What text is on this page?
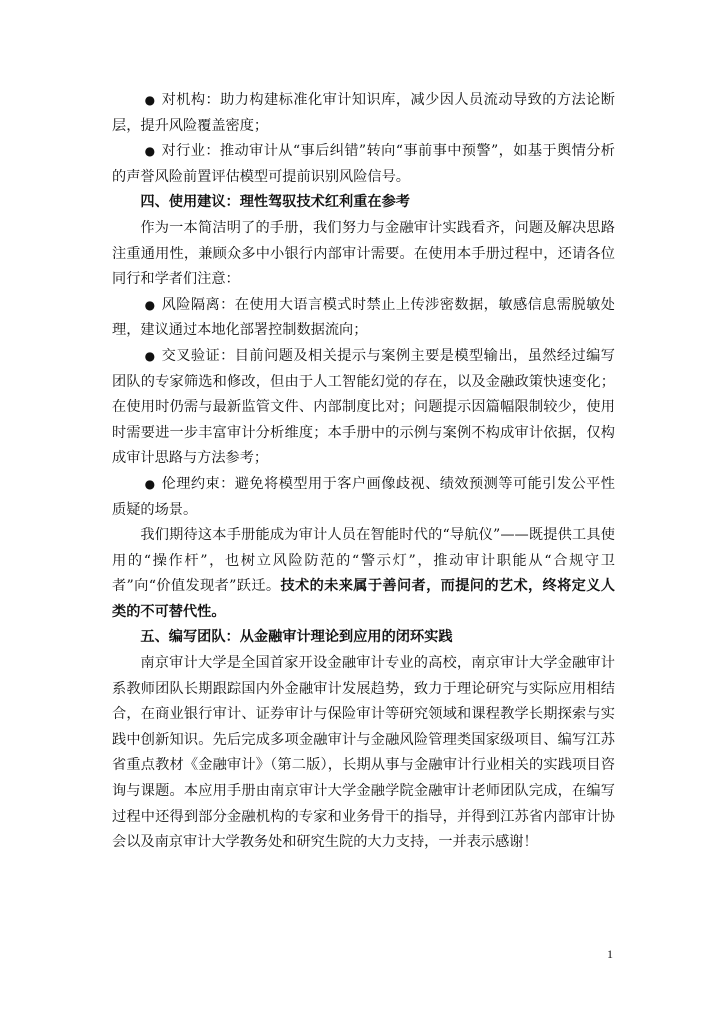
● 对机构：助力构建标准化审计知识库，减少因人员流动导致的方法论断层，提升风险覆盖密度；

● 对行业：推动审计从“事后纠错”转向“事前事中预警”，如基于舆情分析的声誉风险前置评估模型可提前识别风险信号。

四、使用建议：理性驾驭技术红利重在参考

作为一本简洁明了的手册，我们努力与金融审计实践看齐，问题及解决思路注重通用性，兼顾众多中小银行内部审计需要。在使用本手册过程中，还请各位同行和学者们注意：

● 风险隔离：在使用大语言模式时禁止上传涉密数据，敏感信息需脱敏处理，建议通过本地化部署控制数据流向；

● 交叉验证：目前问题及相关提示与案例主要是模型输出，虽然经过编写团队的专家筛选和修改，但由于人工智能幻觉的存在，以及金融政策快速变化；在使用时仍需与最新监管文件、内部制度比对；问题提示因篇幅限制较少，使用时需要进一步丰富审计分析维度；本手册中的示例与案例不构成审计依据，仅构成审计思路与方法参考；

● 伦理约束：避免将模型用于客户画像歧视、绩效预测等可能引发公平性质疑的场景。

我们期待这本手册能成为审计人员在智能时代的“导航仪”——既提供工具使用的“操作杆”，也树立风险防范的“警示灯”，推动审计职能从“合规守卫者”向“价值发现者”跃迁。技术的未来属于善问者，而提问的艺术，终将定义人类的不可替代性。

五、编写团队：从金融审计理论到应用的闭环实践

南京审计大学是全国首家开设金融审计专业的高校，南京审计大学金融审计系教师团队长期跟踪国内外金融审计发展趋势，致力于理论研究与实际应用相结合，在商业银行审计、证券审计与保险审计等研究领域和课程教学长期探索与实践中创新知识。先后完成多项金融审计与金融风险管理类国家级项目、编写江苏省重点教材《金融审计》（第二版），长期从事与金融审计行业相关的实践项目咨询与课题。本应用手册由南京审计大学金融学院金融审计老师团队完成，在编写过程中还得到部分金融机构的专家和业务骨干的指导，并得到江苏省内部审计协会以及南京审计大学教务处和研究生院的大力支持，一并表示感谢！

1
